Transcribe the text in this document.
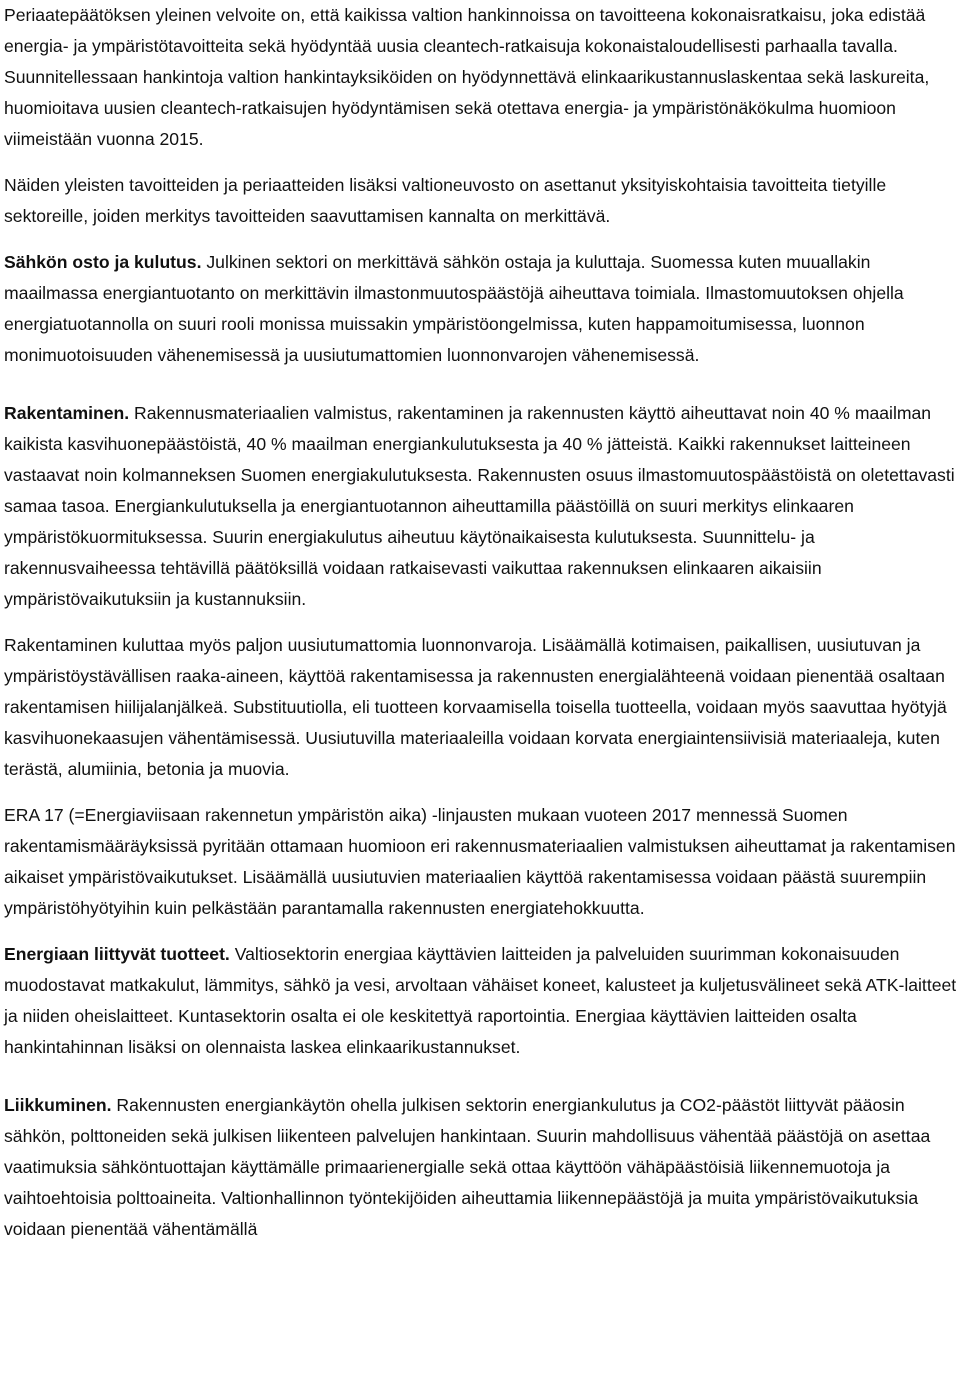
Periaatepäätöksen yleinen velvoite on, että kaikissa valtion hankinnoissa on tavoitteena kokonaisratkaisu, joka edistää energia- ja ympäristötavoitteita sekä hyödyntää uusia cleantech-ratkaisuja kokonaistaloudellisesti parhaalla tavalla. Suunnitellessaan hankintoja valtion hankintayksiköiden on hyödynnettävä elinkaarikustannuslaskentaa sekä laskureita, huomioitava uusien cleantech-ratkaisujen hyödyntämisen sekä otettava energia- ja ympäristönäkökulma huomioon viimeistään vuonna 2015.

Näiden yleisten tavoitteiden ja periaatteiden lisäksi valtioneuvosto on asettanut yksityiskohtaisia tavoitteita tietyille sektoreille, joiden merkitys tavoitteiden saavuttamisen kannalta on merkittävä.

Sähkön osto ja kulutus. Julkinen sektori on merkittävä sähkön ostaja ja kuluttaja. Suomessa kuten muuallakin maailmassa energiantuotanto on merkittävin ilmastonmuutospäästöjä aiheuttava toimiala. Ilmastomuutoksen ohjella energiatuotannolla on suuri rooli monissa muissakin ympäristöongelmissa, kuten happamoitumisessa, luonnon monimuotoisuuden vähenemisessä ja uusiutumattomien luonnonvarojen vähenemisessä.

Rakentaminen. Rakennusmateriaalien valmistus, rakentaminen ja rakennusten käyttö aiheuttavat noin 40 % maailman kaikista kasvihuonepäästöistä, 40 % maailman energiankulutuksesta ja 40 % jätteistä. Kaikki rakennukset laitteineen vastaavat noin kolmanneksen Suomen energiakulutuksesta. Rakennusten osuus ilmastomuutospäästöistä on oletettavasti samaa tasoa. Energiankulutuksella ja energiantuotannon aiheuttamilla päästöillä on suuri merkitys elinkaaren ympäristökuormituksessa. Suurin energiakulutus aiheutuu käytönaikaisesta kulutuksesta. Suunnittelu- ja rakennusvaiheessa tehtävillä päätöksillä voidaan ratkaisevasti vaikuttaa rakennuksen elinkaaren aikaisiin ympäristövaikutuksiin ja kustannuksiin.

Rakentaminen kuluttaa myös paljon uusiutumattomia luonnonvaroja. Lisäämällä kotimaisen, paikallisen, uusiutuvan ja ympäristöystävällisen raaka-aineen, käyttöä rakentamisessa ja rakennusten energialähteenä voidaan pienentää osaltaan rakentamisen hiilijalanjälkeä. Substituutiolla, eli tuotteen korvaamisella toisella tuotteella, voidaan myös saavuttaa hyötyjä kasvihuonekaasujen vähentämisessä. Uusiutuvilla materiaaleilla voidaan korvata energiaintensiivisiä materiaaleja, kuten terästä, alumiinia, betonia ja muovia.

ERA 17 (=Energiaviisaan rakennetun ympäristön aika) -linjausten mukaan vuoteen 2017 mennessä Suomen rakentamismääräyksissä pyritään ottamaan huomioon eri rakennusmateriaalien valmistuksen aiheuttamat ja rakentamisen aikaiset ympäristövaikutukset. Lisäämällä uusiutuvien materiaalien käyttöä rakentamisessa voidaan päästä suurempiin ympäristöhyötyihin kuin pelkästään parantamalla rakennusten energiatehokkuutta.

Energiaan liittyvät tuotteet. Valtiosektorin energiaa käyttävien laitteiden ja palveluiden suurimman kokonaisuuden muodostavat matkakulut, lämmitys, sähkö ja vesi, arvoltaan vähäiset koneet, kalusteet ja kuljetusvälineet sekä ATK-laitteet ja niiden oheislaitteet. Kuntasektorin osalta ei ole keskitettyä raportointia. Energiaa käyttävien laitteiden osalta hankintahinnan lisäksi on olennaista laskea elinkaarikustannukset.

Liikkuminen. Rakennusten energiankäytön ohella julkisen sektorin energiankulutus ja CO2-päästöt liittyvät pääosin sähkön, polttoneiden sekä julkisen liikenteen palvelujen hankintaan. Suurin mahdollisuus vähentää päästöjä on asettaa vaatimuksia sähköntuottajan käyttämälle primaarienergialle sekä ottaa käyttöön vähäpäästöisiä liikennemuotoja ja vaihtoehtoisia polttoaineita. Valtionhallinnon työntekijöiden aiheuttamia liikennepäästöjä ja muita ympäristövaikutuksia voidaan pienentää vähentämällä
